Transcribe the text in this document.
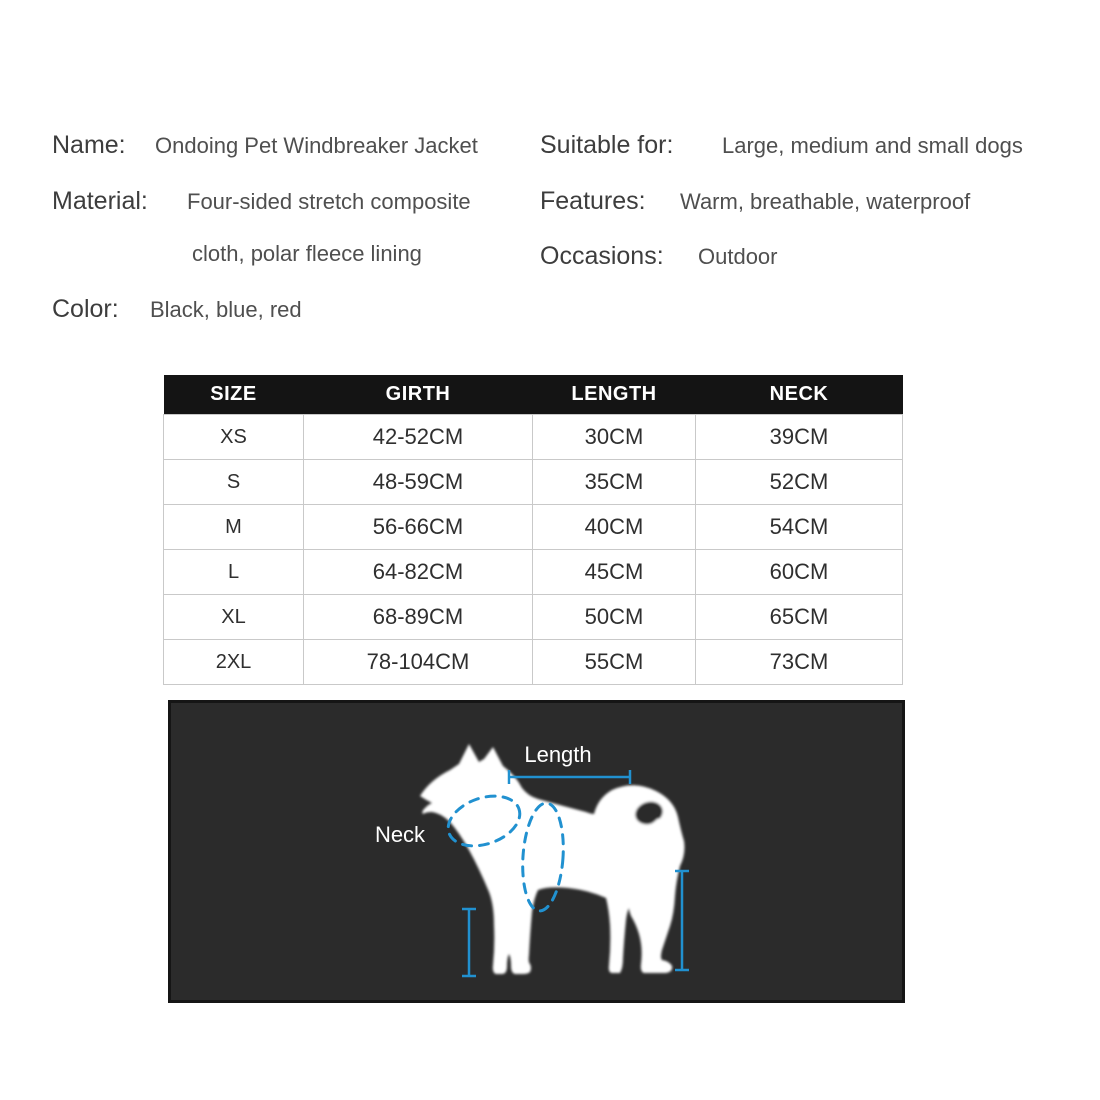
Name:	Ondoing Pet Windbreaker Jacket
Material:	Four-sided stretch composite
cloth, polar fleece lining
Color:	Black, blue, red
Suitable for:	Large, medium and small dogs
Features:	Warm, breathable, waterproof
Occasions:	Outdoor
SIZE	GIRTH	LENGTH	NECK
XS	42-52CM	30CM	39CM
S	48-59CM	35CM	52CM
M	56-66CM	40CM	54CM
L	64-82CM	45CM	60CM
XL	68-89CM	50CM	65CM
2XL	78-104CM	55CM	73CM
Length
Neck
Girth
